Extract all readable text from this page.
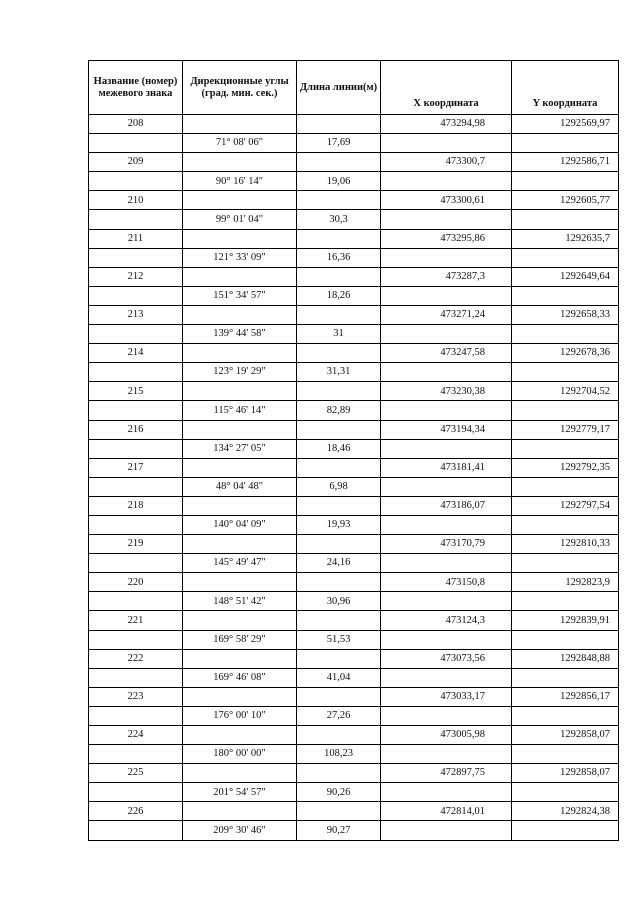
Название (номер) межевого знака	Дирекционные углы (град. мин. сек.)	Длина линии(м)	X координата	Y координата
208			473294,98	1292569,97
	71° 08' 06"	17,69		
209			473300,7	1292586,71
	90° 16' 14"	19,06		
210			473300,61	1292605,77
	99° 01' 04"	30,3		
211			473295,86	1292635,7
	121° 33' 09"	16,36		
212			473287,3	1292649,64
	151° 34' 57"	18,26		
213			473271,24	1292658,33
	139° 44' 58"	31		
214			473247,58	1292678,36
	123° 19' 29"	31,31		
215			473230,38	1292704,52
	115° 46' 14"	82,89		
216			473194,34	1292779,17
	134° 27' 05"	18,46		
217			473181,41	1292792,35
	48° 04' 48"	6,98		
218			473186,07	1292797,54
	140° 04' 09"	19,93		
219			473170,79	1292810,33
	145° 49' 47"	24,16		
220			473150,8	1292823,9
	148° 51' 42"	30,96		
221			473124,3	1292839,91
	169° 58' 29"	51,53		
222			473073,56	1292848,88
	169° 46' 08"	41,04		
223			473033,17	1292856,17
	176° 00' 10"	27,26		
224			473005,98	1292858,07
	180° 00' 00"	108,23		
225			472897,75	1292858,07
	201° 54' 57"	90,26		
226			472814,01	1292824,38
	209° 30' 46"	90,27		
